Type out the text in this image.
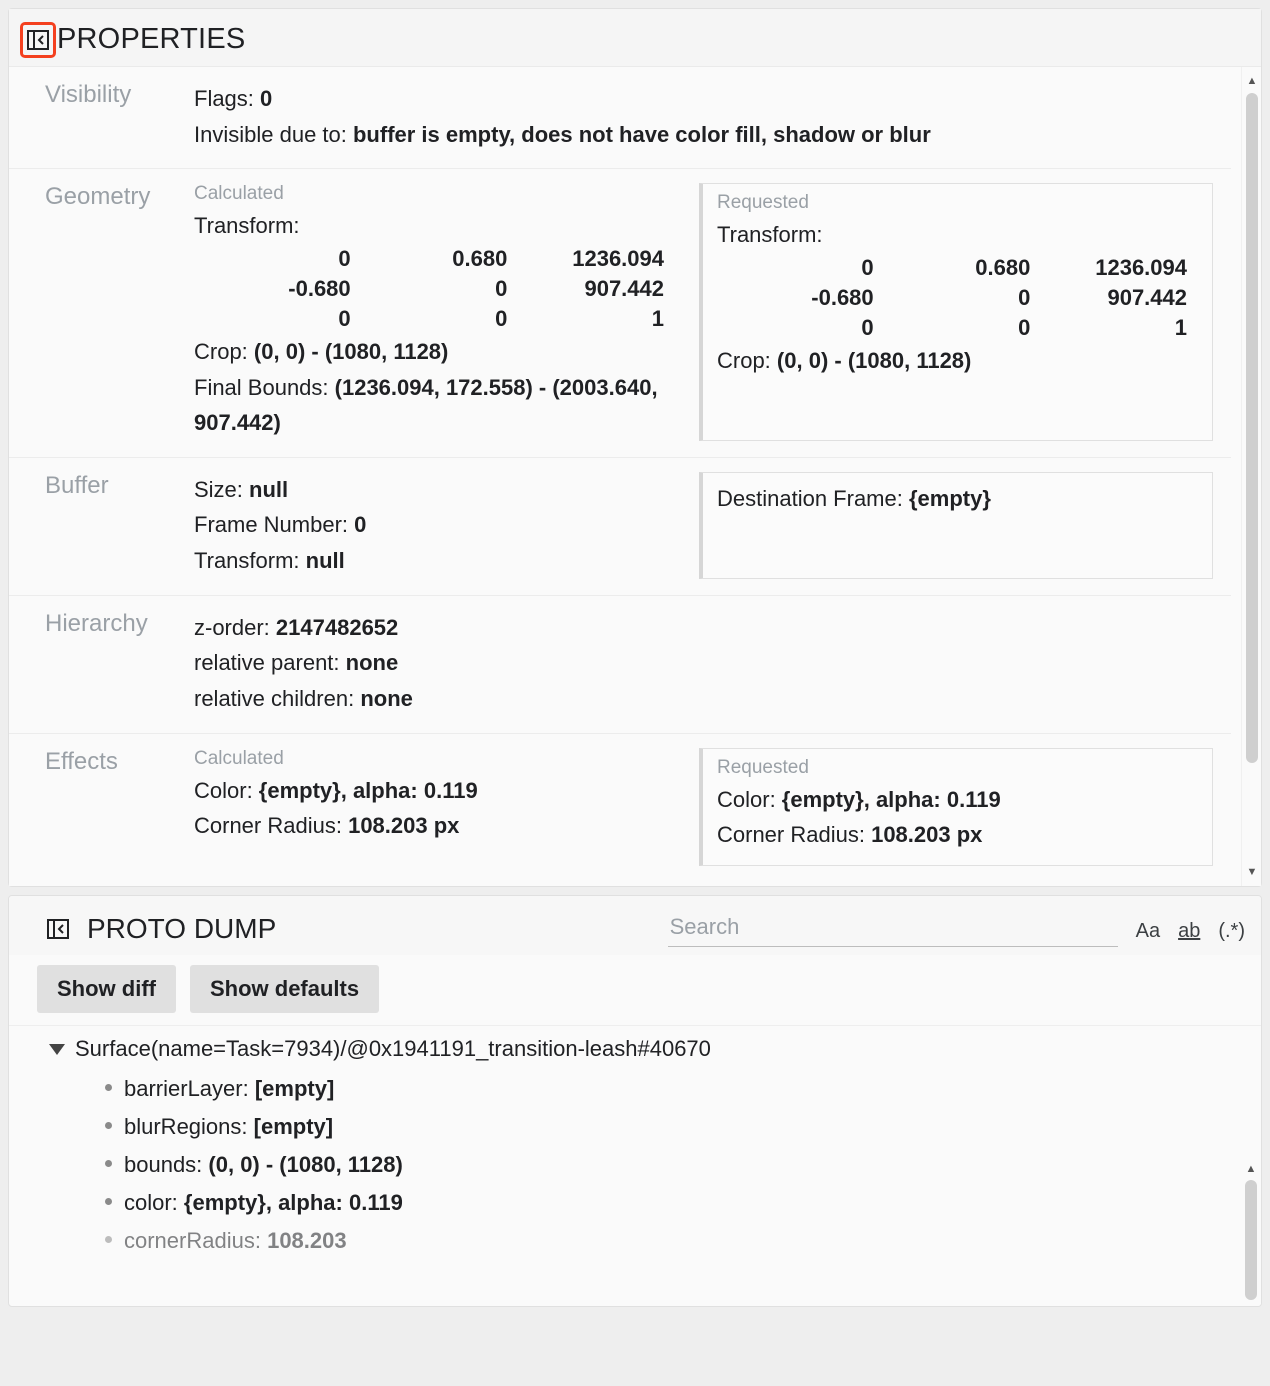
PROPERTIES
Visibility	Flags: 0
Invisible due to: buffer is empty, does not have color fill, shadow or blur
Geometry	Calculated
Transform:
0	0.680	1236.094
-0.680	0	907.442
0	0	1
Crop: (0, 0) - (1080, 1128)
Final Bounds: (1236.094, 172.558) - (2003.640, 907.442)
Requested
Transform:
0	0.680	1236.094
-0.680	0	907.442
0	0	1
Crop: (0, 0) - (1080, 1128)
Buffer	Size: null
Frame Number: 0
Transform: null
Destination Frame: {empty}
Hierarchy	z-order: 2147482652
relative parent: none
relative children: none
Effects	Calculated
Color: {empty}, alpha: 0.119
Corner Radius: 108.203 px
Requested
Color: {empty}, alpha: 0.119
Corner Radius: 108.203 px
▲
▼
PROTO DUMP
Search	Aa ab (.*)
Show diff	Show defaults
Surface(name=Task=7934)/@0x1941191_transition-leash#40670
barrierLayer: [empty]
blurRegions: [empty]
bounds: (0, 0) - (1080, 1128)
color: {empty}, alpha: 0.119
cornerRadius: 108.203
▲
